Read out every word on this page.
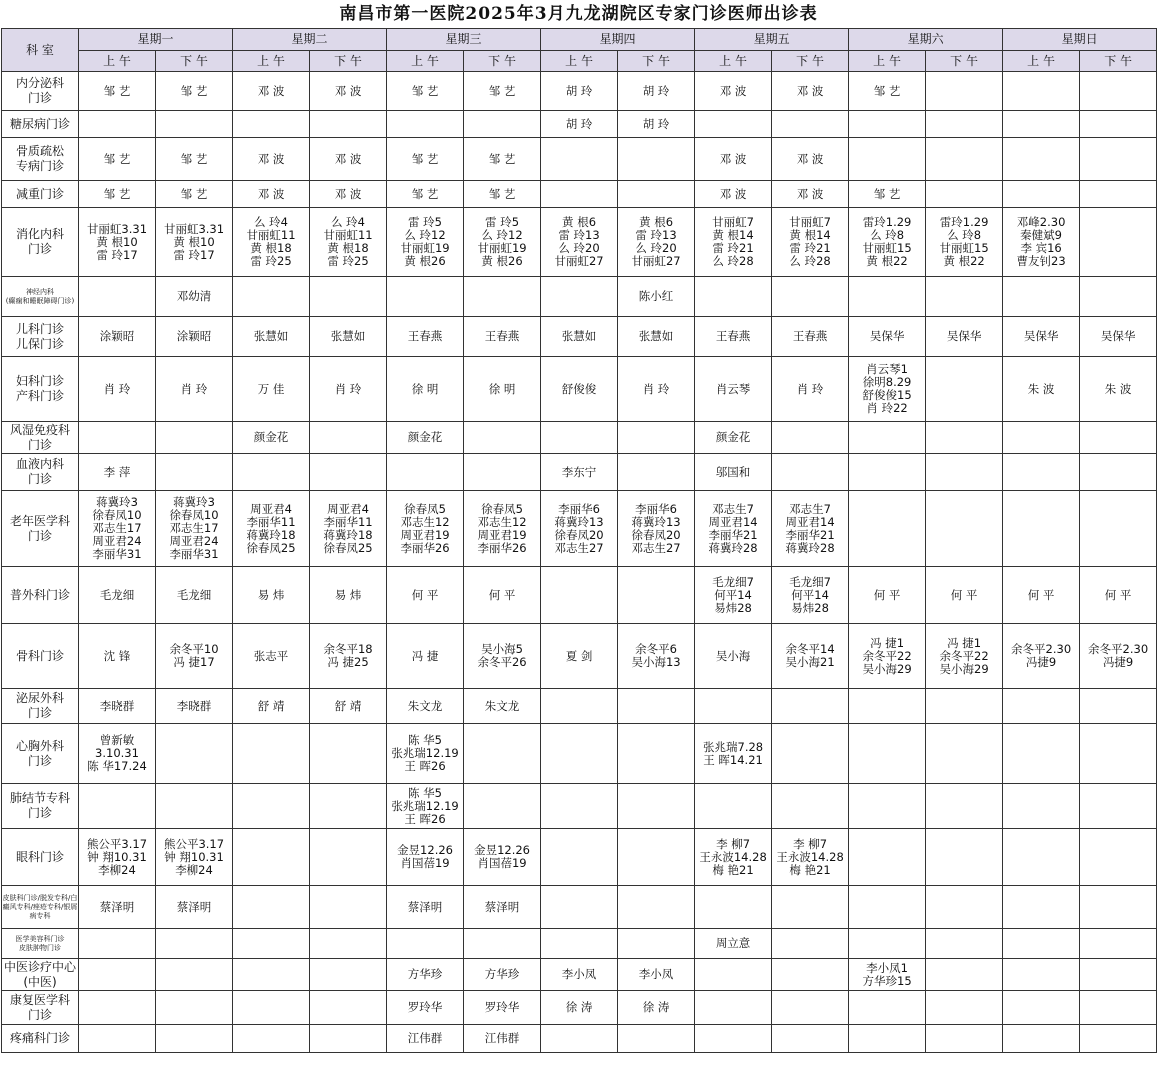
南昌市第一医院2025年3月九龙湖院区专家门诊医师出诊表
科 室	星期一		星期二		星期三		星期四		星期五		星期六		星期日	
	上 午	下 午	上 午	下 午	上 午	下 午	上 午	下 午	上 午	下 午	上 午	下 午	上 午	下 午
内分泌科
门诊	邹 艺	邹 艺	邓 波	邓 波	邹 艺	邹 艺	胡 玲	胡 玲	邓 波	邓 波	邹 艺			
糖尿病门诊							胡 玲	胡 玲						
骨质疏松
专病门诊	邹 艺	邹 艺	邓 波	邓 波	邹 艺	邹 艺			邓 波	邓 波				
减重门诊	邹 艺	邹 艺	邓 波	邓 波	邹 艺	邹 艺			邓 波	邓 波	邹 艺			
消化内科
门诊	甘丽虹3.31
黄 根10
雷 玲17	甘丽虹3.31
黄 根10
雷 玲17	么 玲4
甘丽虹11
黄 根18
雷 玲25	么 玲4
甘丽虹11
黄 根18
雷 玲25	雷 玲5
么 玲12
甘丽虹19
黄 根26	雷 玲5
么 玲12
甘丽虹19
黄 根26	黄 根6
雷 玲13
么 玲20
甘丽虹27	黄 根6
雷 玲13
么 玲20
甘丽虹27	甘丽虹7
黄 根14
雷 玲21
么 玲28	甘丽虹7
黄 根14
雷 玲21
么 玲28	雷玲1.29
么 玲8
甘丽虹15
黄 根22	雷玲1.29
么 玲8
甘丽虹15
黄 根22	邓峰2.30
秦健斌9
李 宾16
曹友钊23	
神经内科
(癫痫和睡眠障碍门诊)		邓幼清						陈小红						
儿科门诊
儿保门诊	涂颖昭	涂颖昭	张慧如	张慧如	王春燕	王春燕	张慧如	张慧如	王春燕	王春燕	吴保华	吴保华	吴保华	吴保华
妇科门诊
产科门诊	肖 玲	肖 玲	万 佳	肖 玲	徐 明	徐 明	舒俊俊	肖 玲	肖云琴	肖 玲	肖云琴1
徐明8.29
舒俊俊15
肖 玲22		朱 波	朱 波
风湿免疫科
门诊			颜金花		颜金花				颜金花					
血液内科
门诊	李 萍						李东宁		邬国和					
老年医学科
门诊	蒋冀玲3
徐春凤10
邓志生17
周亚君24
李丽华31	蒋冀玲3
徐春凤10
邓志生17
周亚君24
李丽华31	周亚君4
李丽华11
蒋冀玲18
徐春凤25	周亚君4
李丽华11
蒋冀玲18
徐春凤25	徐春凤5
邓志生12
周亚君19
李丽华26	徐春凤5
邓志生12
周亚君19
李丽华26	李丽华6
蒋冀玲13
徐春凤20
邓志生27	李丽华6
蒋冀玲13
徐春凤20
邓志生27	邓志生7
周亚君14
李丽华21
蒋冀玲28	邓志生7
周亚君14
李丽华21
蒋冀玲28				
普外科门诊	毛龙细	毛龙细	易 炜	易 炜	何 平	何 平			毛龙细7
何平14
易炜28	毛龙细7
何平14
易炜28	何 平	何 平	何 平	何 平
骨科门诊	沈 锋	余冬平10
冯 捷17	张志平	余冬平18
冯 捷25	冯 捷	吴小海5
余冬平26	夏 剑	余冬平6
吴小海13	吴小海	余冬平14
吴小海21	冯 捷1
余冬平22
吴小海29	冯 捷1
余冬平22
吴小海29	余冬平2.30
冯捷9	余冬平2.30
冯捷9
泌尿外科
门诊	李晓群	李晓群	舒 靖	舒 靖	朱文龙	朱文龙								
心胸外科
门诊	曾新敏
3.10.31
陈 华17.24				陈 华5
张兆瑞12.19
王 晖26				张兆瑞7.28
王 晖14.21					
肺结节专科
门诊					陈 华5
张兆瑞12.19
王 晖26									
眼科门诊	熊公平3.17
钟 翔10.31
李柳24	熊公平3.17
钟 翔10.31
李柳24			金昱12.26
肖国蓓19	金昱12.26
肖国蓓19			李 柳7
王永波14.28
梅 艳21	李 柳7
王永波14.28
梅 艳21				
皮肤科门诊/脱发专科/白癜风专科/痤疮专科/银屑病专科	蔡泽明	蔡泽明			蔡泽明	蔡泽明								
医学美容科门诊
皮肤肿物门诊									周立意					
中医诊疗中心
(中医)					方华珍	方华珍	李小凤	李小凤			李小凤1
方华珍15			
康复医学科
门诊					罗玲华	罗玲华	徐 涛	徐 涛						
疼痛科门诊					江伟群	江伟群								
